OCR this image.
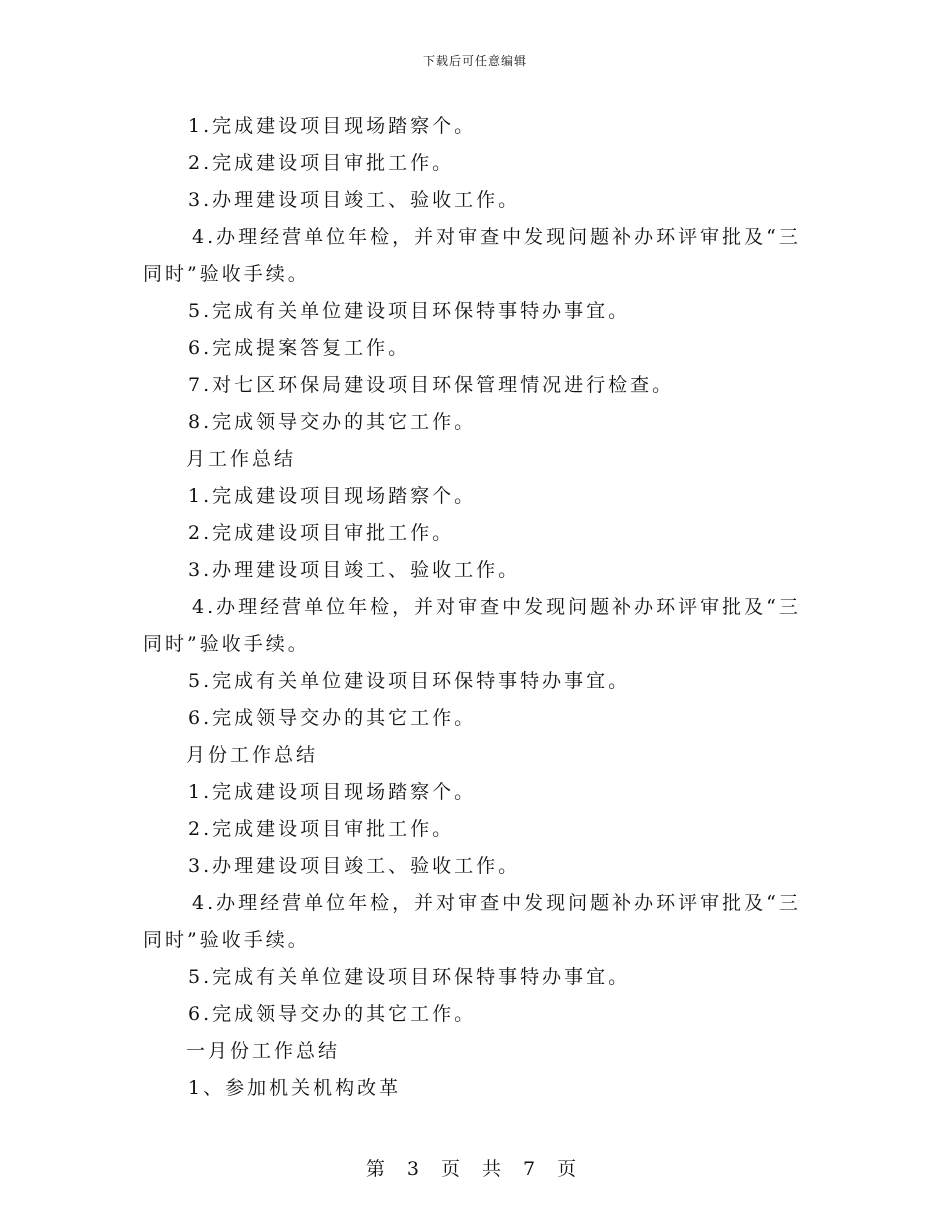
下载后可任意编辑

1.完成建设项目现场踏察个。

2.完成建设项目审批工作。

3.办理建设项目竣工、验收工作。

4.办理经营单位年检，并对审查中发现问题补办环评审批及“三

同时”验收手续。

5.完成有关单位建设项目环保特事特办事宜。

6.完成提案答复工作。

7.对七区环保局建设项目环保管理情况进行检查。

8.完成领导交办的其它工作。

月工作总结

1.完成建设项目现场踏察个。

2.完成建设项目审批工作。

3.办理建设项目竣工、验收工作。

4.办理经营单位年检，并对审查中发现问题补办环评审批及“三

同时”验收手续。

5.完成有关单位建设项目环保特事特办事宜。

6.完成领导交办的其它工作。

月份工作总结

1.完成建设项目现场踏察个。

2.完成建设项目审批工作。

3.办理建设项目竣工、验收工作。

4.办理经营单位年检，并对审查中发现问题补办环评审批及“三

同时”验收手续。

5.完成有关单位建设项目环保特事特办事宜。

6.完成领导交办的其它工作。

一月份工作总结

1、参加机关机构改革

第 3 页 共 7 页
